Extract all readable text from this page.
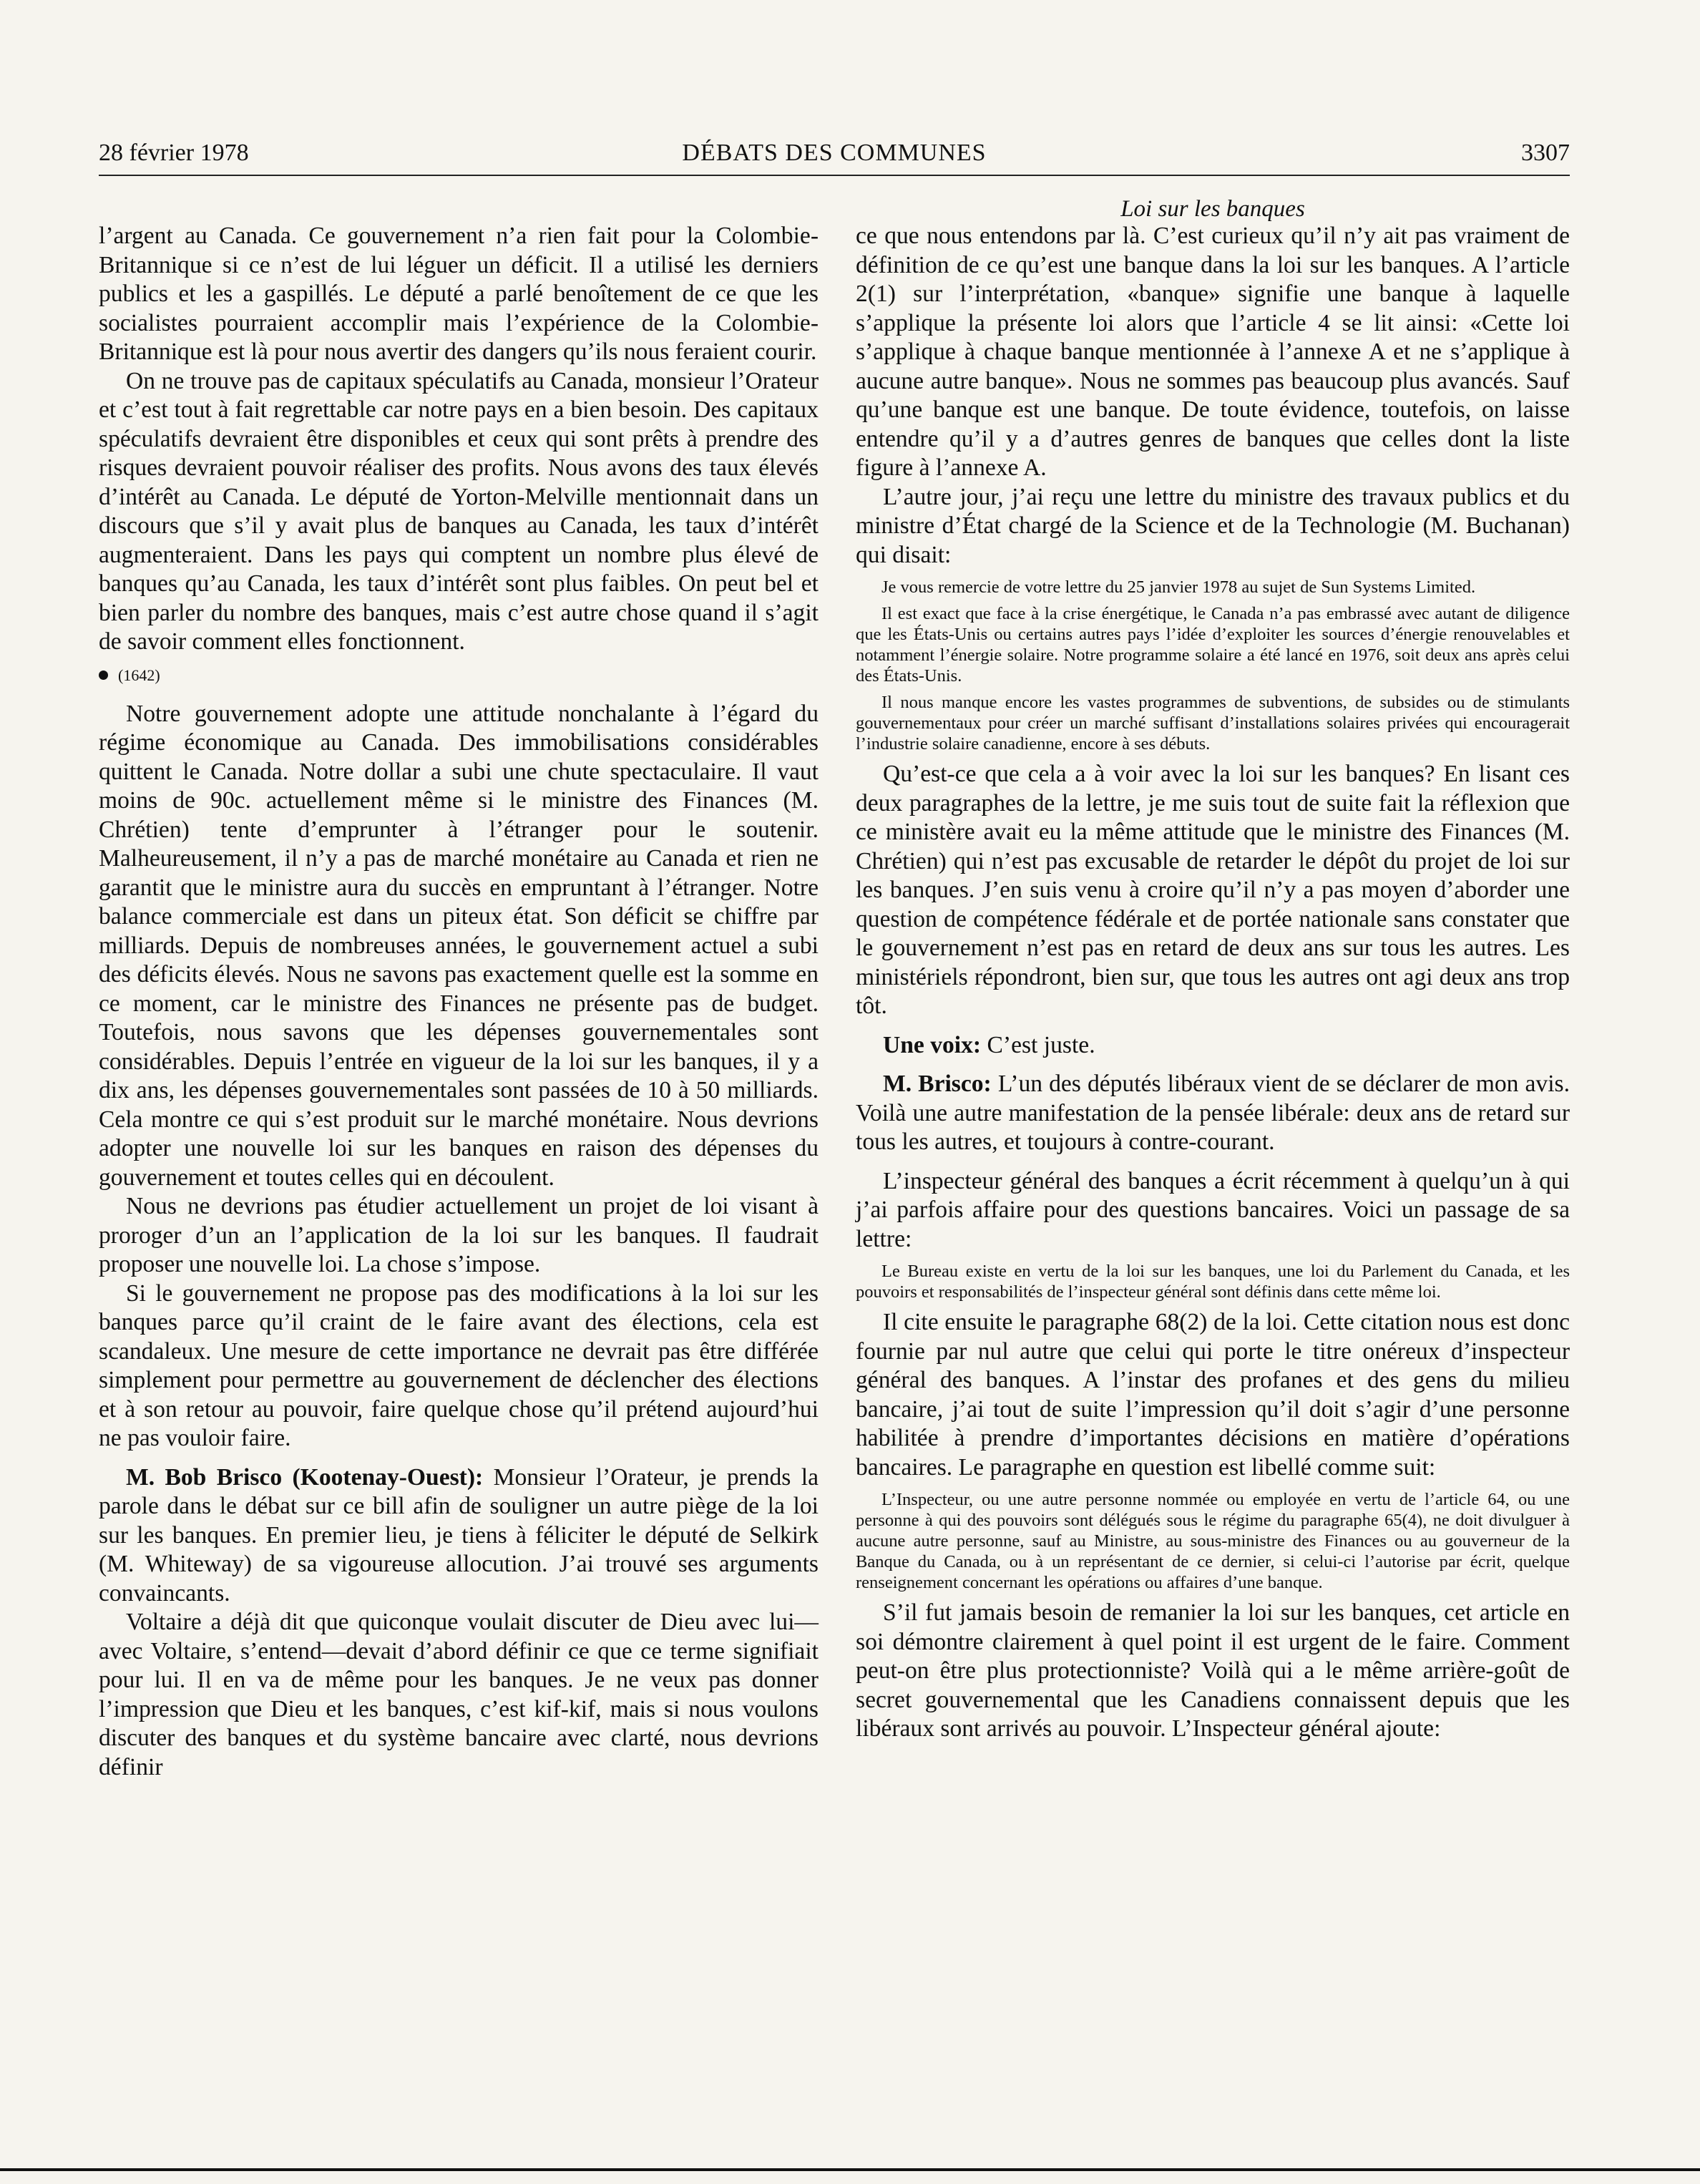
28 février 1978	DÉBATS DES COMMUNES	3307
Loi sur les banques

l’argent au Canada. Ce gouvernement n’a rien fait pour la Colombie-Britannique si ce n’est de lui léguer un déficit. Il a utilisé les derniers publics et les a gaspillés. Le député a parlé benoîtement de ce que les socialistes pourraient accomplir mais l’expérience de la Colombie-Britannique est là pour nous avertir des dangers qu’ils nous feraient courir.

On ne trouve pas de capitaux spéculatifs au Canada, monsieur l’Orateur et c’est tout à fait regrettable car notre pays en a bien besoin. Des capitaux spéculatifs devraient être disponibles et ceux qui sont prêts à prendre des risques devraient pouvoir réaliser des profits. Nous avons des taux élevés d’intérêt au Canada. Le député de Yorton-Melville mentionnait dans un discours que s’il y avait plus de banques au Canada, les taux d’intérêt augmenteraient. Dans les pays qui comptent un nombre plus élevé de banques qu’au Canada, les taux d’intérêt sont plus faibles. On peut bel et bien parler du nombre des banques, mais c’est autre chose quand il s’agit de savoir comment elles fonctionnent.

(1642)

Notre gouvernement adopte une attitude nonchalante à l’égard du régime économique au Canada. Des immobilisations considérables quittent le Canada. Notre dollar a subi une chute spectaculaire. Il vaut moins de 90c. actuellement même si le ministre des Finances (M. Chrétien) tente d’emprunter à l’étranger pour le soutenir. Malheureusement, il n’y a pas de marché monétaire au Canada et rien ne garantit que le ministre aura du succès en empruntant à l’étranger. Notre balance commerciale est dans un piteux état. Son déficit se chiffre par milliards. Depuis de nombreuses années, le gouvernement actuel a subi des déficits élevés. Nous ne savons pas exactement quelle est la somme en ce moment, car le ministre des Finances ne présente pas de budget. Toutefois, nous savons que les dépenses gouvernementales sont considérables. Depuis l’entrée en vigueur de la loi sur les banques, il y a dix ans, les dépenses gouvernementales sont passées de 10 à 50 milliards. Cela montre ce qui s’est produit sur le marché monétaire. Nous devrions adopter une nouvelle loi sur les banques en raison des dépenses du gouvernement et toutes celles qui en découlent.

Nous ne devrions pas étudier actuellement un projet de loi visant à proroger d’un an l’application de la loi sur les banques. Il faudrait proposer une nouvelle loi. La chose s’impose.

Si le gouvernement ne propose pas des modifications à la loi sur les banques parce qu’il craint de le faire avant des élections, cela est scandaleux. Une mesure de cette importance ne devrait pas être différée simplement pour permettre au gouvernement de déclencher des élections et à son retour au pouvoir, faire quelque chose qu’il prétend aujourd’hui ne pas vouloir faire.

M. Bob Brisco (Kootenay-Ouest): Monsieur l’Orateur, je prends la parole dans le débat sur ce bill afin de souligner un autre piège de la loi sur les banques. En premier lieu, je tiens à féliciter le député de Selkirk (M. Whiteway) de sa vigoureuse allocution. J’ai trouvé ses arguments convaincants.

Voltaire a déjà dit que quiconque voulait discuter de Dieu avec lui—avec Voltaire, s’entend—devait d’abord définir ce que ce terme signifiait pour lui. Il en va de même pour les banques. Je ne veux pas donner l’impression que Dieu et les banques, c’est kif-kif, mais si nous voulons discuter des banques et du système bancaire avec clarté, nous devrions définir

ce que nous entendons par là. C’est curieux qu’il n’y ait pas vraiment de définition de ce qu’est une banque dans la loi sur les banques. A l’article 2(1) sur l’interprétation, «banque» signifie une banque à laquelle s’applique la présente loi alors que l’article 4 se lit ainsi: «Cette loi s’applique à chaque banque mentionnée à l’annexe A et ne s’applique à aucune autre banque». Nous ne sommes pas beaucoup plus avancés. Sauf qu’une banque est une banque. De toute évidence, toutefois, on laisse entendre qu’il y a d’autres genres de banques que celles dont la liste figure à l’annexe A.

L’autre jour, j’ai reçu une lettre du ministre des travaux publics et du ministre d’État chargé de la Science et de la Technologie (M. Buchanan) qui disait:

Je vous remercie de votre lettre du 25 janvier 1978 au sujet de Sun Systems Limited.

Il est exact que face à la crise énergétique, le Canada n’a pas embrassé avec autant de diligence que les États-Unis ou certains autres pays l’idée d’exploiter les sources d’énergie renouvelables et notamment l’énergie solaire. Notre programme solaire a été lancé en 1976, soit deux ans après celui des États-Unis.

Il nous manque encore les vastes programmes de subventions, de subsides ou de stimulants gouvernementaux pour créer un marché suffisant d’installations solaires privées qui encouragerait l’industrie solaire canadienne, encore à ses débuts.

Qu’est-ce que cela a à voir avec la loi sur les banques? En lisant ces deux paragraphes de la lettre, je me suis tout de suite fait la réflexion que ce ministère avait eu la même attitude que le ministre des Finances (M. Chrétien) qui n’est pas excusable de retarder le dépôt du projet de loi sur les banques. J’en suis venu à croire qu’il n’y a pas moyen d’aborder une question de compétence fédérale et de portée nationale sans constater que le gouvernement n’est pas en retard de deux ans sur tous les autres. Les ministériels répondront, bien sur, que tous les autres ont agi deux ans trop tôt.

Une voix: C’est juste.

M. Brisco: L’un des députés libéraux vient de se déclarer de mon avis. Voilà une autre manifestation de la pensée libérale: deux ans de retard sur tous les autres, et toujours à contre-courant.

L’inspecteur général des banques a écrit récemment à quelqu’un à qui j’ai parfois affaire pour des questions bancaires. Voici un passage de sa lettre:

Le Bureau existe en vertu de la loi sur les banques, une loi du Parlement du Canada, et les pouvoirs et responsabilités de l’inspecteur général sont définis dans cette même loi.

Il cite ensuite le paragraphe 68(2) de la loi. Cette citation nous est donc fournie par nul autre que celui qui porte le titre onéreux d’inspecteur général des banques. A l’instar des profanes et des gens du milieu bancaire, j’ai tout de suite l’impression qu’il doit s’agir d’une personne habilitée à prendre d’importantes décisions en matière d’opérations bancaires. Le paragraphe en question est libellé comme suit:

L’Inspecteur, ou une autre personne nommée ou employée en vertu de l’article 64, ou une personne à qui des pouvoirs sont délégués sous le régime du paragraphe 65(4), ne doit divulguer à aucune autre personne, sauf au Ministre, au sous-ministre des Finances ou au gouverneur de la Banque du Canada, ou à un représentant de ce dernier, si celui-ci l’autorise par écrit, quelque renseignement concernant les opérations ou affaires d’une banque.

S’il fut jamais besoin de remanier la loi sur les banques, cet article en soi démontre clairement à quel point il est urgent de le faire. Comment peut-on être plus protectionniste? Voilà qui a le même arrière-goût de secret gouvernemental que les Canadiens connaissent depuis que les libéraux sont arrivés au pouvoir. L’Inspecteur général ajoute:
